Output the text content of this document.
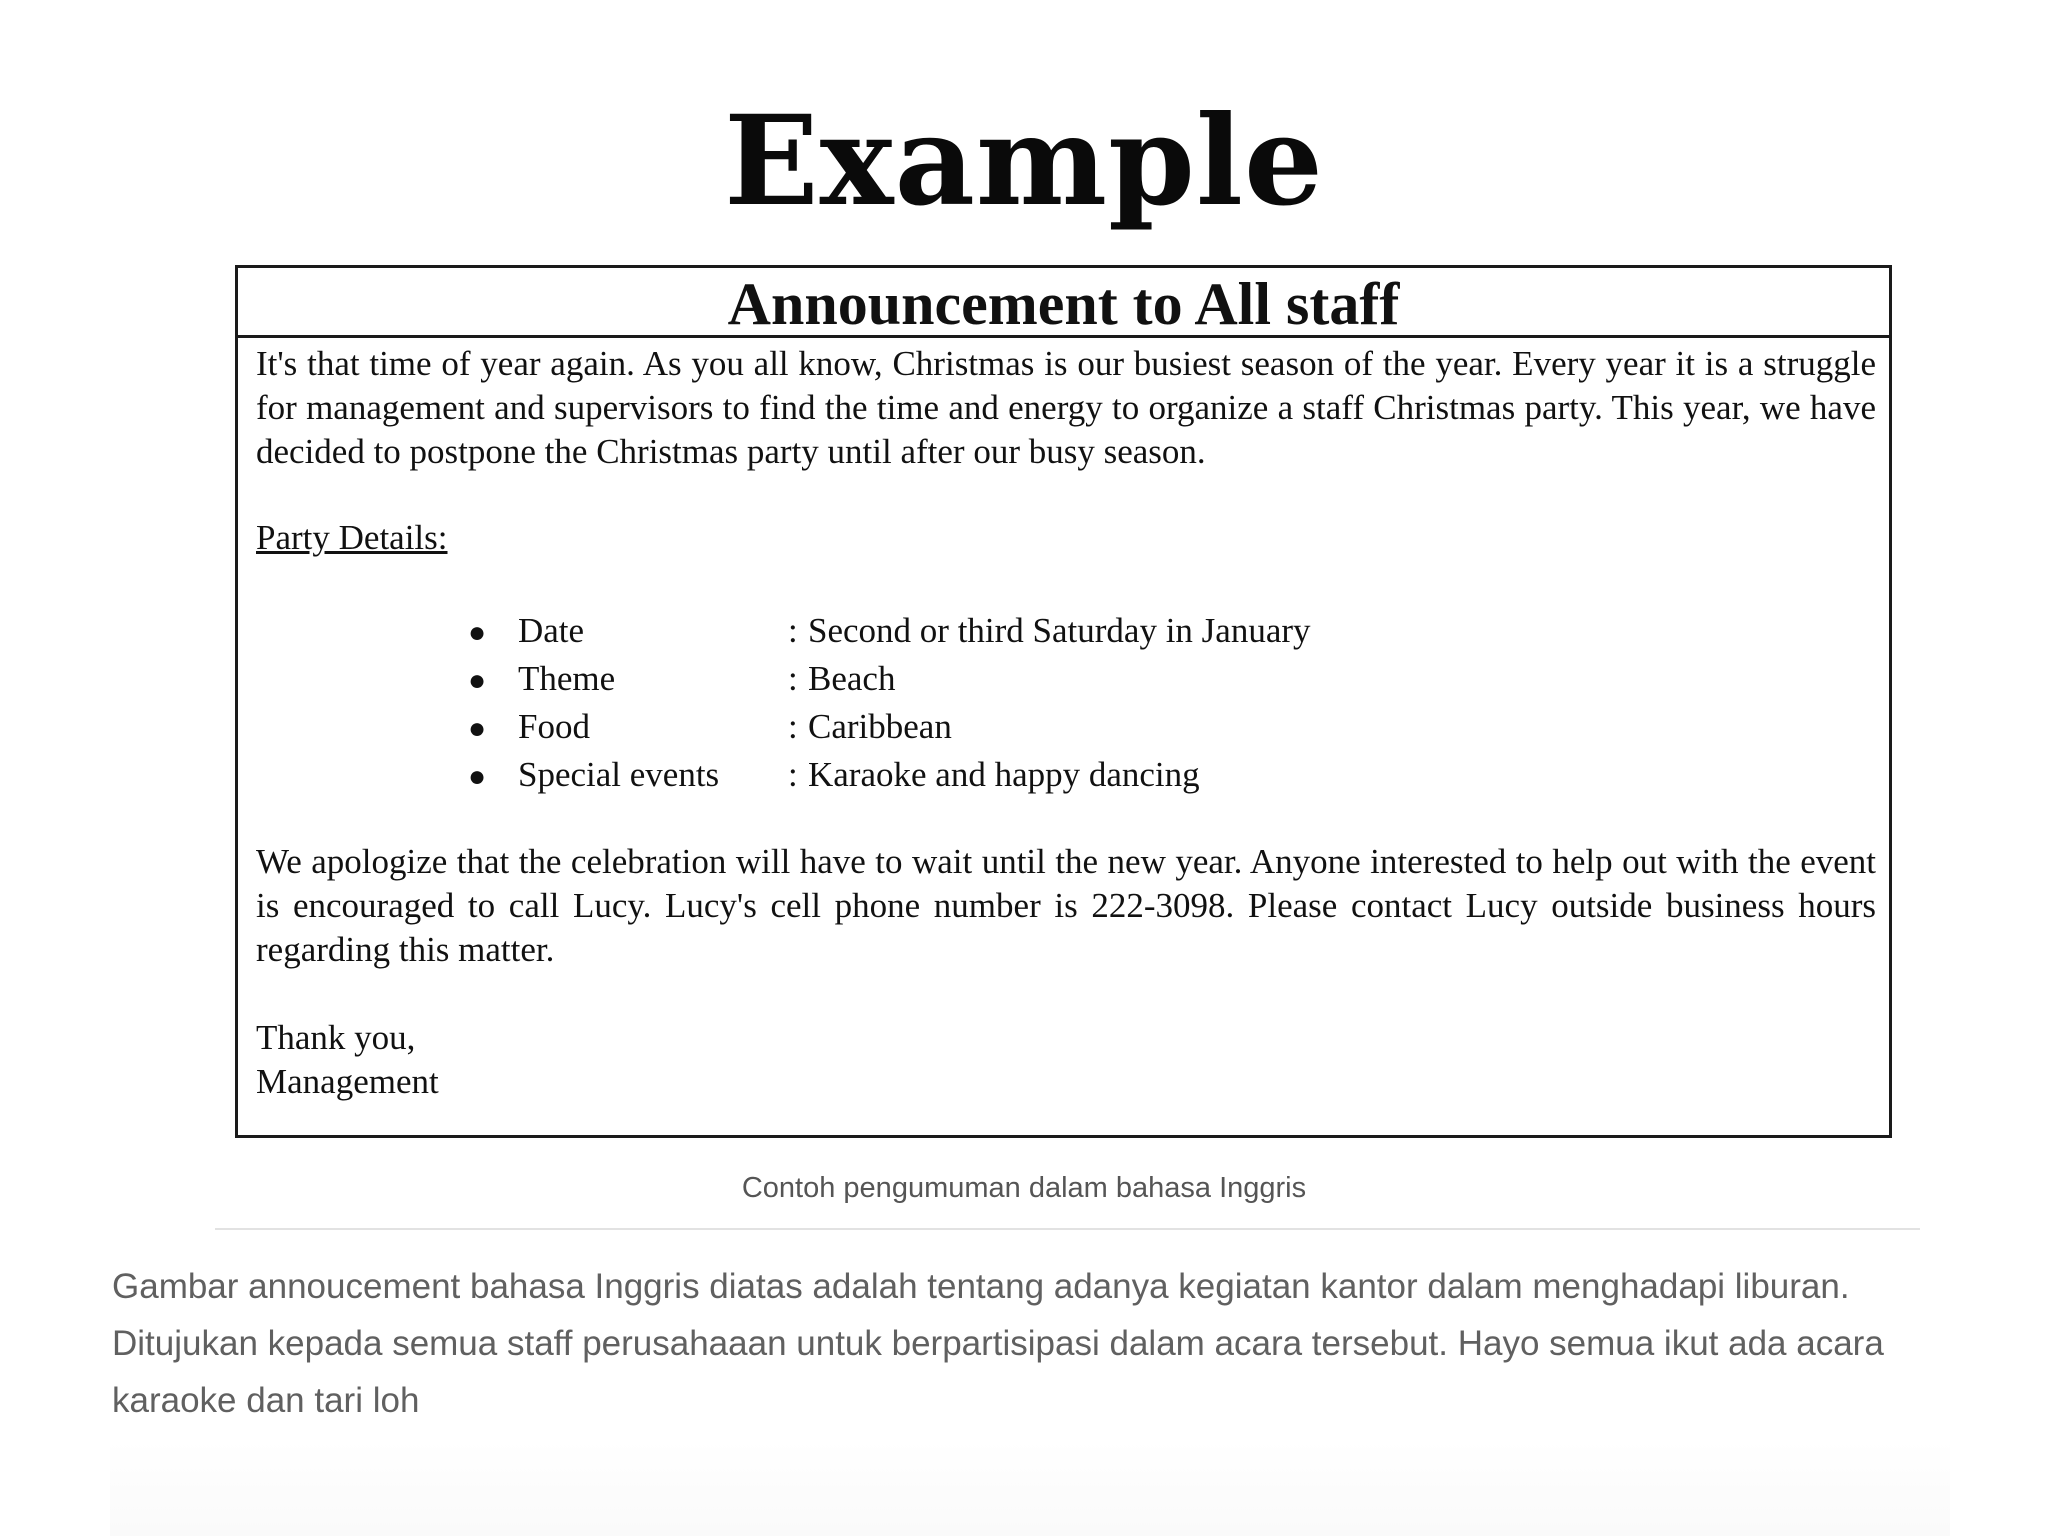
Example
Announcement to All staff

It's that time of year again. As you all know, Christmas is our busiest season of the year. Every year it is a struggle for management and supervisors to find the time and energy to organize a staff Christmas party. This year, we have decided to postpone the Christmas party until after our busy season.

Party Details:
● Date	: Second or third Saturday in January
● Theme	: Beach
● Food	: Caribbean
● Special events	: Karaoke and happy dancing

We apologize that the celebration will have to wait until the new year. Anyone interested to help out with the event is encouraged to call Lucy. Lucy's cell phone number is 222-3098. Please contact Lucy outside business hours regarding this matter.

Thank you,
Management
Contoh pengumuman dalam bahasa Inggris

Gambar annoucement bahasa Inggris diatas adalah tentang adanya kegiatan kantor dalam menghadapi liburan. Ditujukan kepada semua staff perusahaaan untuk berpartisipasi dalam acara tersebut. Hayo semua ikut ada acara karaoke dan tari loh
